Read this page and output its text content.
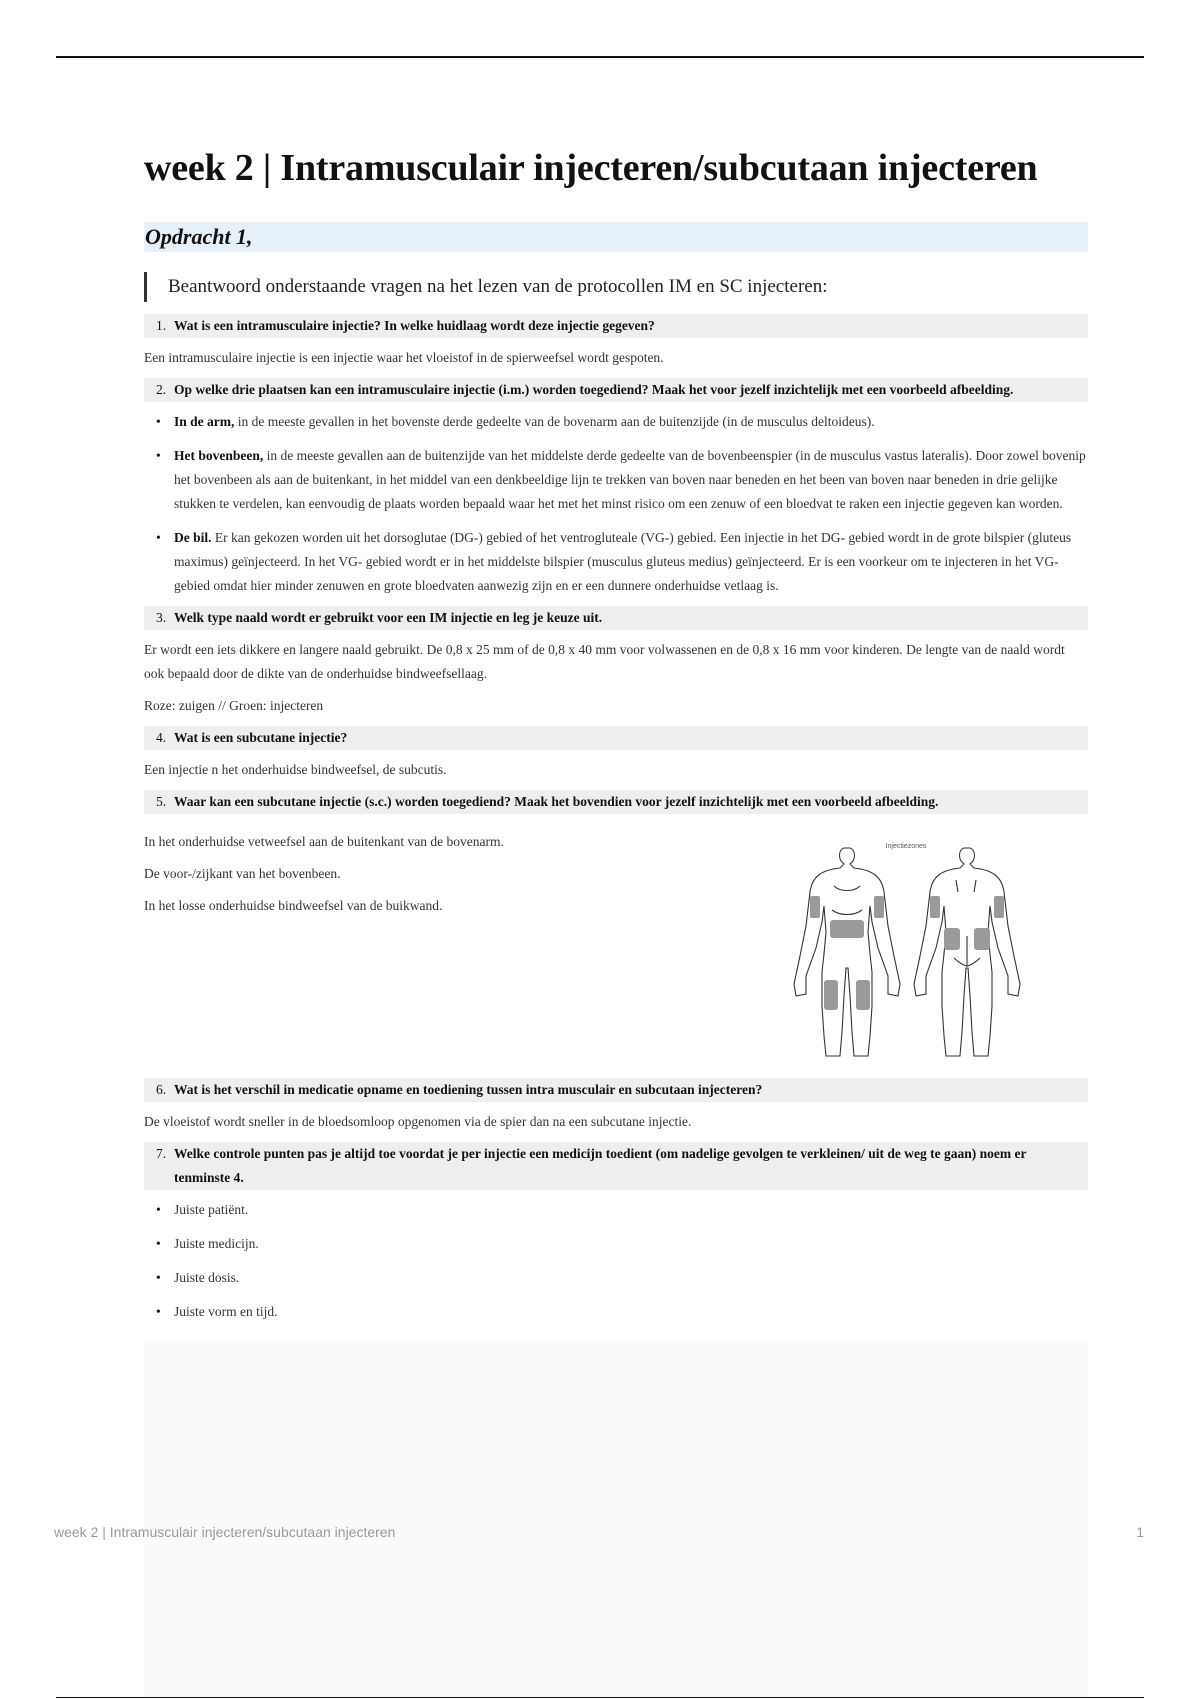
week 2 | Intramusculair injecteren/subcutaan injecteren
Opdracht 1,
Beantwoord onderstaande vragen na het lezen van de protocollen IM en SC injecteren:
1. Wat is een intramusculaire injectie? In welke huidlaag wordt deze injectie gegeven?
Een intramusculaire injectie is een injectie waar het vloeistof in de spierweefsel wordt gespoten.
2. Op welke drie plaatsen kan een intramusculaire injectie (i.m.) worden toegediend? Maak het voor jezelf inzichtelijk met een voorbeeld afbeelding.
• In de arm, in de meeste gevallen in het bovenste derde gedeelte van de bovenarm aan de buitenzijde (in de musculus deltoideus).
• Het bovenbeen, in de meeste gevallen aan de buitenzijde van het middelste derde gedeelte van de bovenbeenspier (in de musculus vastus lateralis). Door zowel bovenip het bovenbeen als aan de buitenkant, in het middel van een denkbeeldige lijn te trekken van boven naar beneden en het been van boven naar beneden in drie gelijke stukken te verdelen, kan eenvoudig de plaats worden bepaald waar het met het minst risico om een zenuw of een bloedvat te raken een injectie gegeven kan worden.
• De bil. Er kan gekozen worden uit het dorsoglutae (DG-) gebied of het ventrogluteale (VG-) gebied. Een injectie in het DG- gebied wordt in de grote bilspier (gluteus maximus) geïnjecteerd. In het VG- gebied wordt er in het middelste bilspier (musculus gluteus medius) geïnjecteerd. Er is een voorkeur om te injecteren in het VG- gebied omdat hier minder zenuwen en grote bloedvaten aanwezig zijn en er een dunnere onderhuidse vetlaag is.
3. Welk type naald wordt er gebruikt voor een IM injectie en leg je keuze uit.
Er wordt een iets dikkere en langere naald gebruikt. De 0,8 x 25 mm of de 0,8 x 40 mm voor volwassenen en de 0,8 x 16 mm voor kinderen. De lengte van de naald wordt ook bepaald door de dikte van de onderhuidse bindweefsellaag.
Roze: zuigen // Groen: injecteren
4. Wat is een subcutane injectie?
Een injectie n het onderhuidse bindweefsel, de subcutis.
5. Waar kan een subcutane injectie (s.c.) worden toegediend? Maak het bovendien voor jezelf inzichtelijk met een voorbeeld afbeelding.
In het onderhuidse vetweefsel aan de buitenkant van de bovenarm.
De voor-/zijkant van het bovenbeen.
In het losse onderhuidse bindweefsel van de buikwand.
Injectiezones
6. Wat is het verschil in medicatie opname en toediening tussen intra musculair en subcutaan injecteren?
De vloeistof wordt sneller in de bloedsomloop opgenomen via de spier dan na een subcutane injectie.
7. Welke controle punten pas je altijd toe voordat je per injectie een medicijn toedient (om nadelige gevolgen te verkleinen/ uit de weg te gaan) noem er tenminste 4.
• Juiste patiënt.
• Juiste medicijn.
• Juiste dosis.
• Juiste vorm en tijd.
week 2 | Intramusculair injecteren/subcutaan injecteren	1
